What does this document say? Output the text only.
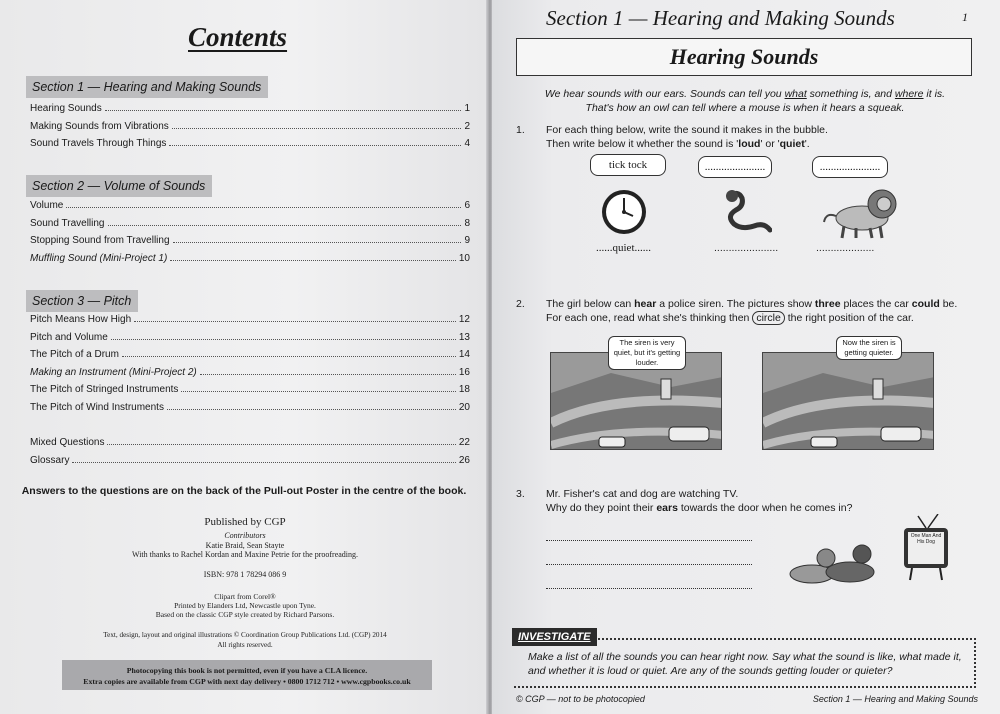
Contents
Section 1 — Hearing and Making Sounds
Hearing Sounds	1
Making Sounds from Vibrations	2
Sound Travels Through Things	4
Section 2 — Volume of Sounds
Volume	6
Sound Travelling	8
Stopping Sound from Travelling	9
Muffling Sound (Mini-Project 1)	10
Section 3 — Pitch
Pitch Means How High	12
Pitch and Volume	13
The Pitch of a Drum	14
Making an Instrument (Mini-Project 2)	16
The Pitch of Stringed Instruments	18
The Pitch of Wind Instruments	20
Mixed Questions	22
Glossary	26
Answers to the questions are on the back of the Pull-out Poster in the centre of the book.
Published by CGP
Contributors
Katie Braid, Sean Stayte
With thanks to Rachel Kordan and Maxine Petrie for the proofreading.
ISBN: 978 1 78294 086 9
Clipart from Corel®
Printed by Elanders Ltd, Newcastle upon Tyne.
Based on the classic CGP style created by Richard Parsons.
Text, design, layout and original illustrations © Coordination Group Publications Ltd. (CGP) 2014
All rights reserved.
Photocopying this book is not permitted, even if you have a CLA licence.
Extra copies are available from CGP with next day delivery • 0800 1712 712 • www.cgpbooks.co.uk
Section 1 — Hearing and Making Sounds	1
Hearing Sounds
We hear sounds with our ears. Sounds can tell you what something is, and where it is.
That's how an owl can tell where a mouse is when it hears a squeak.
1. For each thing below, write the sound it makes in the bubble.
Then write below it whether the sound is 'loud' or 'quiet'.
tick tock	......................	......................
......quiet......	......................	....................
2. The girl below can hear a police siren. The pictures show three places the car could be.
For each one, read what she's thinking then circle the right position of the car.
The siren is very quiet, but it's getting louder.
Now the siren is getting quieter.
3. Mr. Fisher's cat and dog are watching TV.
Why do they point their ears towards the door when he comes in?
One Man And His Dog
INVESTIGATE
Make a list of all the sounds you can hear right now. Say what the sound is like, what made it, and whether it is loud or quiet. Are any of the sounds getting louder or quieter?
© CGP — not to be photocopied	Section 1 — Hearing and Making Sounds
